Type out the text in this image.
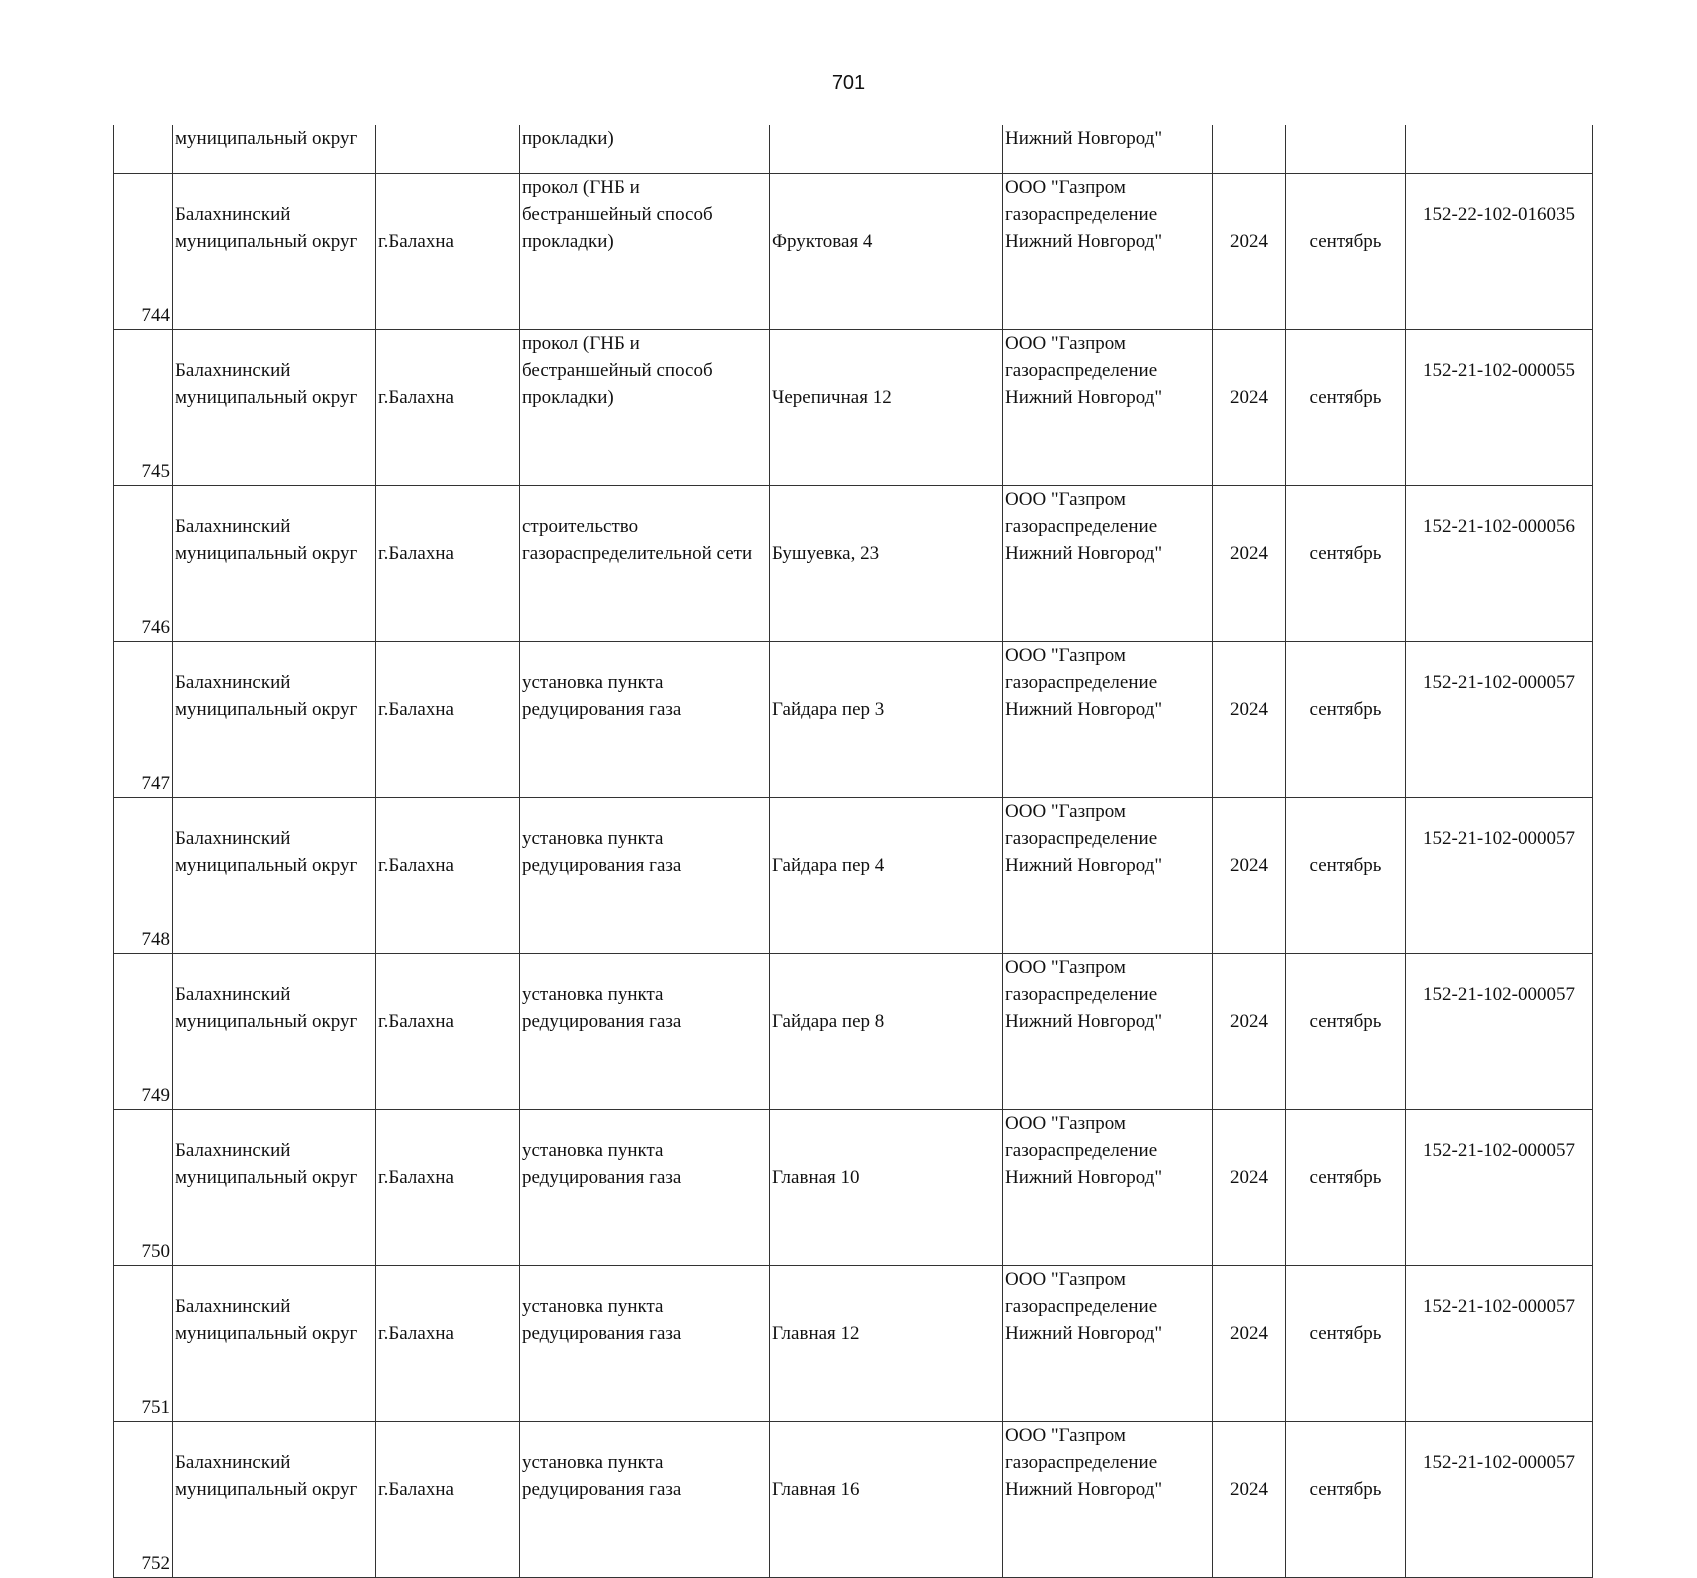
701
	муниципальный округ		прокладки)		Нижний Новгород"			
744	Балахнинский
муниципальный округ	г.Балахна	прокол (ГНБ и
бестраншейный способ
прокладки)	Фруктовая 4	ООО "Газпром
газораспределение
Нижний Новгород"	2024	сентябрь	152-22-102-016035
745	Балахнинский
муниципальный округ	г.Балахна	прокол (ГНБ и
бестраншейный способ
прокладки)	Черепичная 12	ООО "Газпром
газораспределение
Нижний Новгород"	2024	сентябрь	152-21-102-000055
746	Балахнинский
муниципальный округ	г.Балахна	строительство
газораспределительной сети	Бушуевка, 23	ООО "Газпром
газораспределение
Нижний Новгород"	2024	сентябрь	152-21-102-000056
747	Балахнинский
муниципальный округ	г.Балахна	установка пункта
редуцирования газа	Гайдара пер 3	ООО "Газпром
газораспределение
Нижний Новгород"	2024	сентябрь	152-21-102-000057
748	Балахнинский
муниципальный округ	г.Балахна	установка пункта
редуцирования газа	Гайдара пер 4	ООО "Газпром
газораспределение
Нижний Новгород"	2024	сентябрь	152-21-102-000057
749	Балахнинский
муниципальный округ	г.Балахна	установка пункта
редуцирования газа	Гайдара пер 8	ООО "Газпром
газораспределение
Нижний Новгород"	2024	сентябрь	152-21-102-000057
750	Балахнинский
муниципальный округ	г.Балахна	установка пункта
редуцирования газа	Главная 10	ООО "Газпром
газораспределение
Нижний Новгород"	2024	сентябрь	152-21-102-000057
751	Балахнинский
муниципальный округ	г.Балахна	установка пункта
редуцирования газа	Главная 12	ООО "Газпром
газораспределение
Нижний Новгород"	2024	сентябрь	152-21-102-000057
752	Балахнинский
муниципальный округ	г.Балахна	установка пункта
редуцирования газа	Главная 16	ООО "Газпром
газораспределение
Нижний Новгород"	2024	сентябрь	152-21-102-000057
